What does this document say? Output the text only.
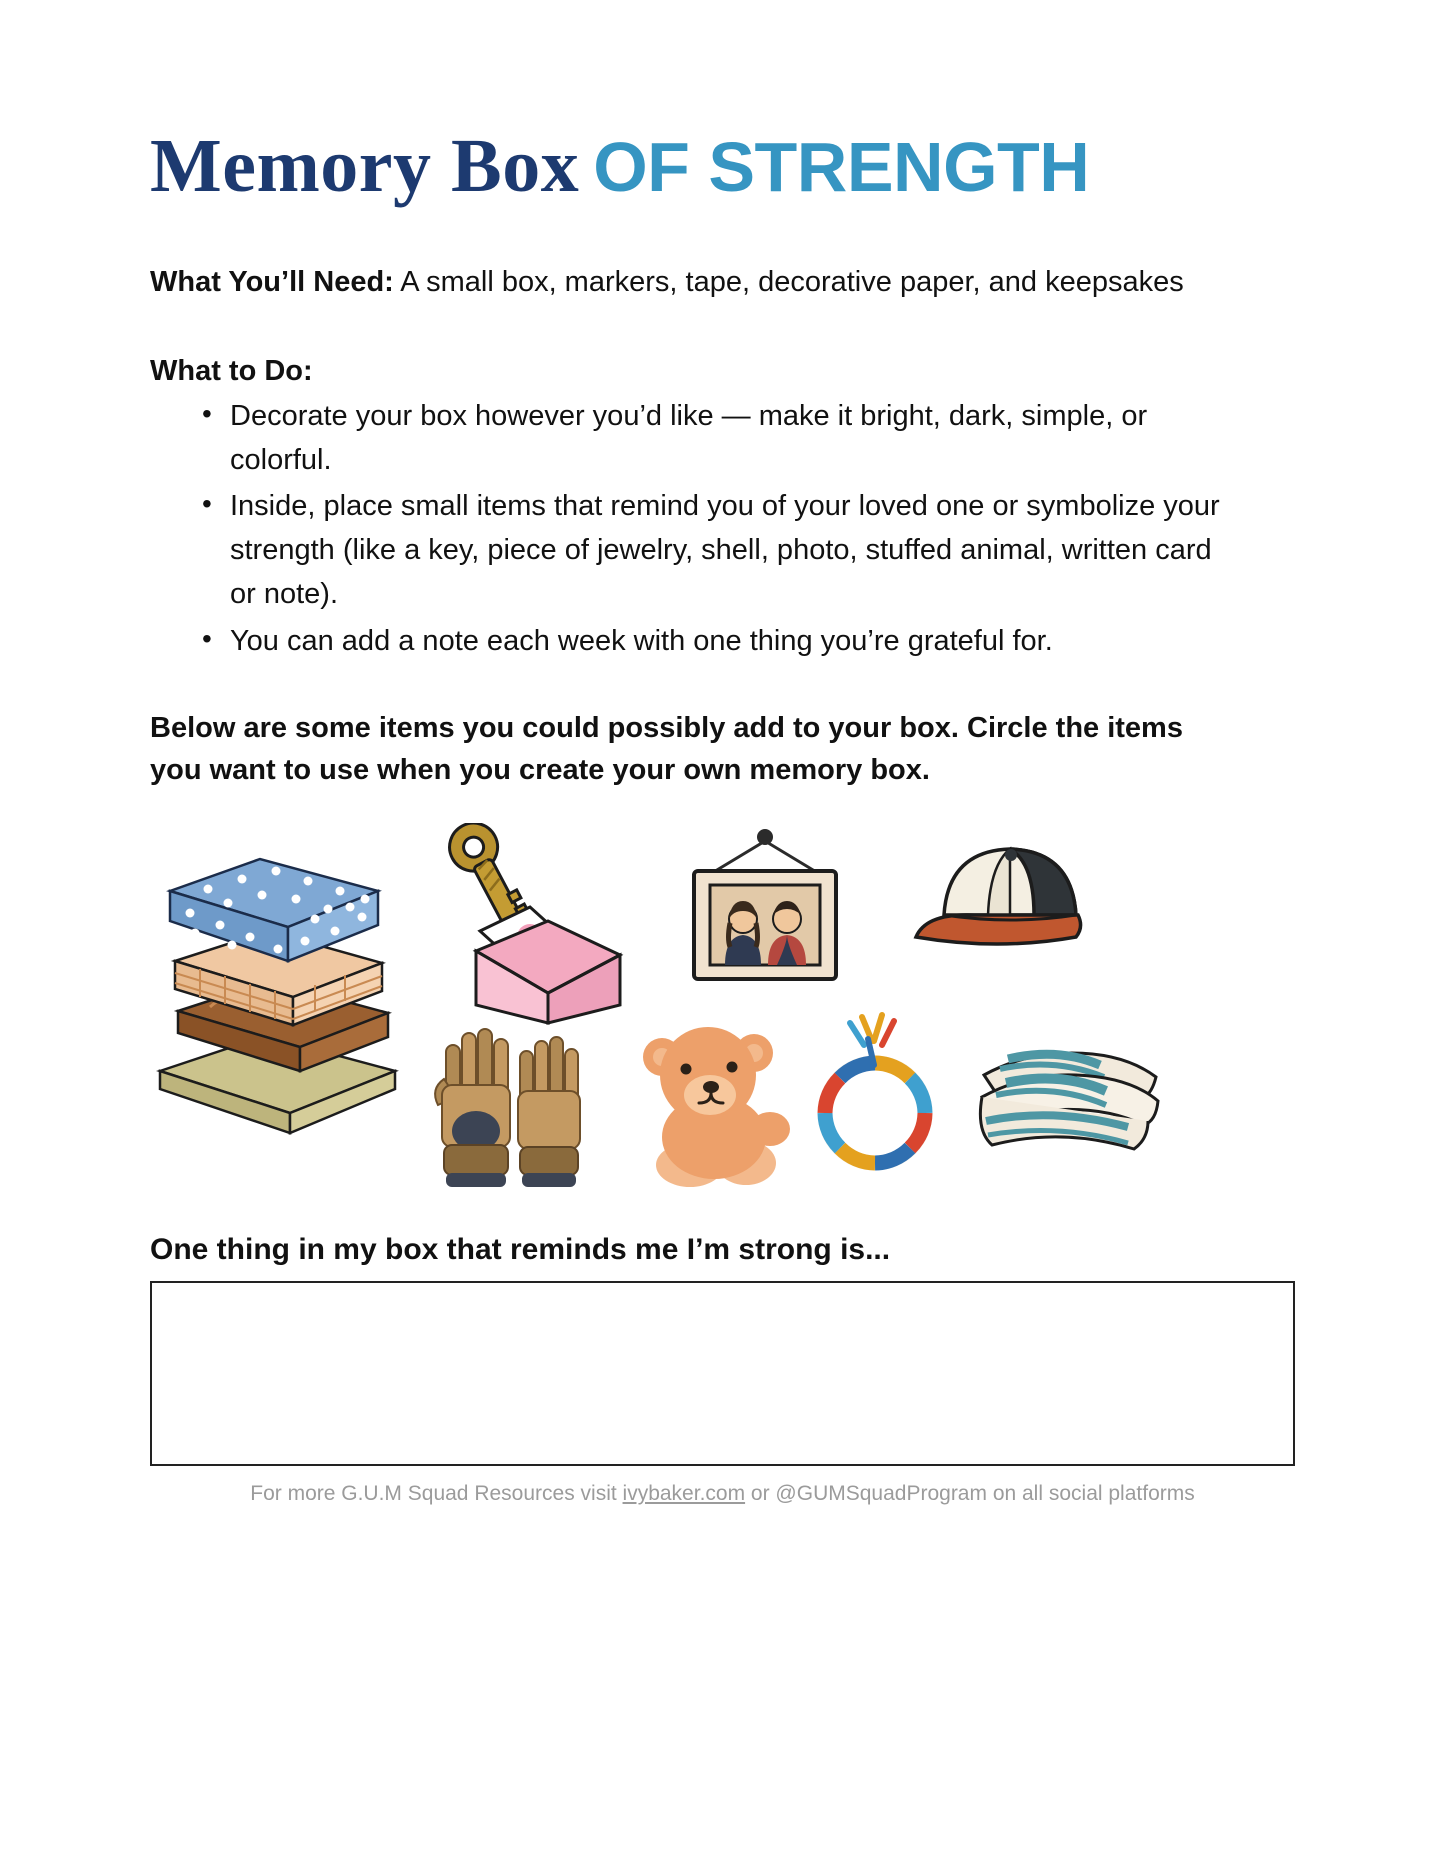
Memory Box OF STRENGTH

What You’ll Need: A small box, markers, tape, decorative paper, and keepsakes

What to Do:

• Decorate your box however you’d like — make it bright, dark, simple, or colorful.
• Inside, place small items that remind you of your loved one or symbolize your strength (like a key, piece of jewelry, shell, photo, stuffed animal, written card or note).
• You can add a note each week with one thing you’re grateful for.

Below are some items you could possibly add to your box. Circle the items you want to use when you create your own memory box.

One thing in my box that reminds me I’m strong is...

For more G.U.M Squad Resources visit ivybaker.com or @GUMSquadProgram on all social platforms
